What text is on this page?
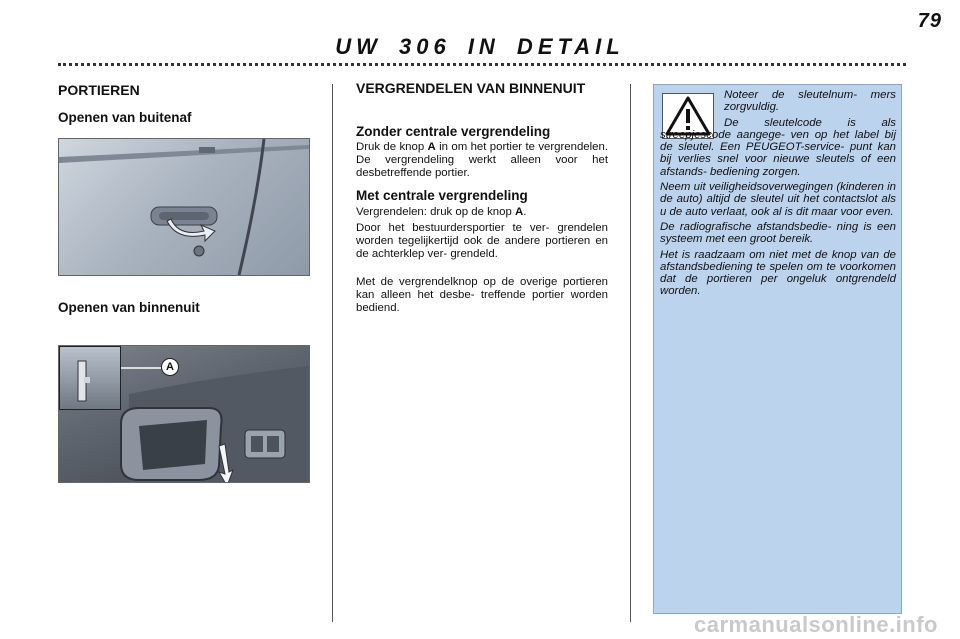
79
UW 306 IN DETAIL
PORTIEREN
Openen van buitenaf
Openen van binnenuit
A
VERGRENDELEN VAN BINNENUIT
Zonder centrale vergrendeling

Druk de knop A in om het portier te vergrendelen. De vergrendeling werkt alleen voor het desbetreffende portier.

Met centrale vergrendeling

Vergrendelen: druk op de knop A.

Door het bestuurdersportier te ver- grendelen worden tegelijkertijd ook de andere portieren en de achterklep ver- grendeld.

Met de vergrendelknop op de overige portieren kan alleen het desbe- treffende portier worden bediend.

Noteer de sleutelnum- mers zorgvuldig.

De sleutelcode is als streepjescode aangege- ven op het label bij de sleutel. Een PEUGEOT-service- punt kan bij verlies snel voor nieuwe sleutels of een afstands- bediening zorgen.

Neem uit veiligheidsoverwegingen (kinderen in de auto) altijd de sleutel uit het contactslot als u de auto verlaat, ook al is dit maar voor even.

De radiografische afstandsbedie- ning is een systeem met een groot bereik.

Het is raadzaam om niet met de knop van de afstandsbediening te spelen om te voorkomen dat de portieren per ongeluk ontgrendeld worden.

carmanualsonline.info
